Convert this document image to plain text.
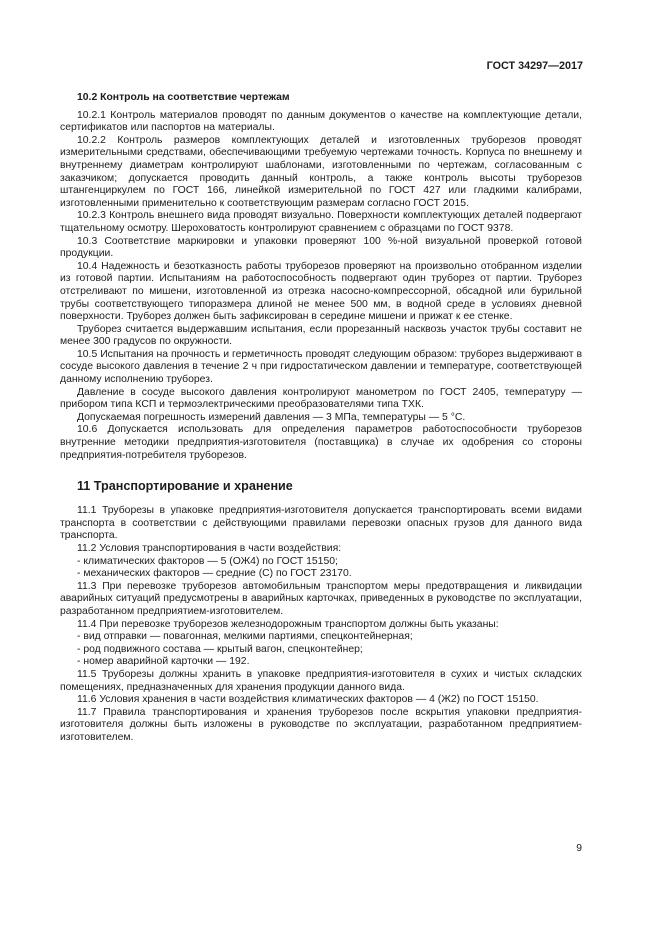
ГОСТ 34297—2017
10.2 Контроль на соответствие чертежам

10.2.1 Контроль материалов проводят по данным документов о качестве на комплектующие детали, сертификатов или паспортов на материалы.

10.2.2 Контроль размеров комплектующих деталей и изготовленных труборезов проводят измерительными средствами, обеспечивающими требуемую чертежами точность. Корпуса по внешнему и внутреннему диаметрам контролируют шаблонами, изготовленными по чертежам, согласованным с заказчиком; допускается проводить данный контроль, а также контроль высоты труборезов штангенциркулем по ГОСТ 166, линейкой измерительной по ГОСТ 427 или гладкими калибрами, изготовленными применительно к соответствующим размерам согласно ГОСТ 2015.

10.2.3 Контроль внешнего вида проводят визуально. Поверхности комплектующих деталей подвергают тщательному осмотру. Шероховатость контролируют сравнением с образцами по ГОСТ 9378.

10.3 Соответствие маркировки и упаковки проверяют 100 %-ной визуальной проверкой готовой продукции.

10.4 Надежность и безотказность работы труборезов проверяют на произвольно отобранном изделии из готовой партии. Испытаниям на работоспособность подвергают один труборез от партии. Труборез отстреливают по мишени, изготовленной из отрезка насосно-компрессорной, обсадной или бурильной трубы соответствующего типоразмера длиной не менее 500 мм, в водной среде в условиях дневной поверхности. Труборез должен быть зафиксирован в середине мишени и прижат к ее стенке.

Труборез считается выдержавшим испытания, если прорезанный насквозь участок трубы составит не менее 300 градусов по окружности.

10.5 Испытания на прочность и герметичность проводят следующим образом: труборез выдерживают в сосуде высокого давления в течение 2 ч при гидростатическом давлении и температуре, соответствующей данному исполнению труборез.

Давление в сосуде высокого давления контролируют манометром по ГОСТ 2405, температуру — прибором типа КСП и термоэлектрическими преобразователями типа ТХК.

Допускаемая погрешность измерений давления — 3 МПа, температуры — 5 °С.

10.6 Допускается использовать для определения параметров работоспособности труборезов внутренние методики предприятия-изготовителя (поставщика) в случае их одобрения со стороны предприятия-потребителя труборезов.

11 Транспортирование и хранение

11.1 Труборезы в упаковке предприятия-изготовителя допускается транспортировать всеми видами транспорта в соответствии с действующими правилами перевозки опасных грузов для данного вида транспорта.

11.2 Условия транспортирования в части воздействия:

- климатических факторов — 5 (ОЖ4) по ГОСТ 15150;

- механических факторов — средние (С) по ГОСТ 23170.

11.3 При перевозке труборезов автомобильным транспортом меры предотвращения и ликвидации аварийных ситуаций предусмотрены в аварийных карточках, приведенных в руководстве по эксплуатации, разработанном предприятием-изготовителем.

11.4 При перевозке труборезов железнодорожным транспортом должны быть указаны:

- вид отправки — повагонная, мелкими партиями, спецконтейнерная;

- род подвижного состава — крытый вагон, спецконтейнер;

- номер аварийной карточки — 192.

11.5 Труборезы должны хранить в упаковке предприятия-изготовителя в сухих и чистых складских помещениях, предназначенных для хранения продукции данного вида.

11.6 Условия хранения в части воздействия климатических факторов — 4 (Ж2) по ГОСТ 15150.

11.7 Правила транспортирования и хранения труборезов после вскрытия упаковки предприятия-изготовителя должны быть изложены в руководстве по эксплуатации, разработанном предприятием-изготовителем.

9
